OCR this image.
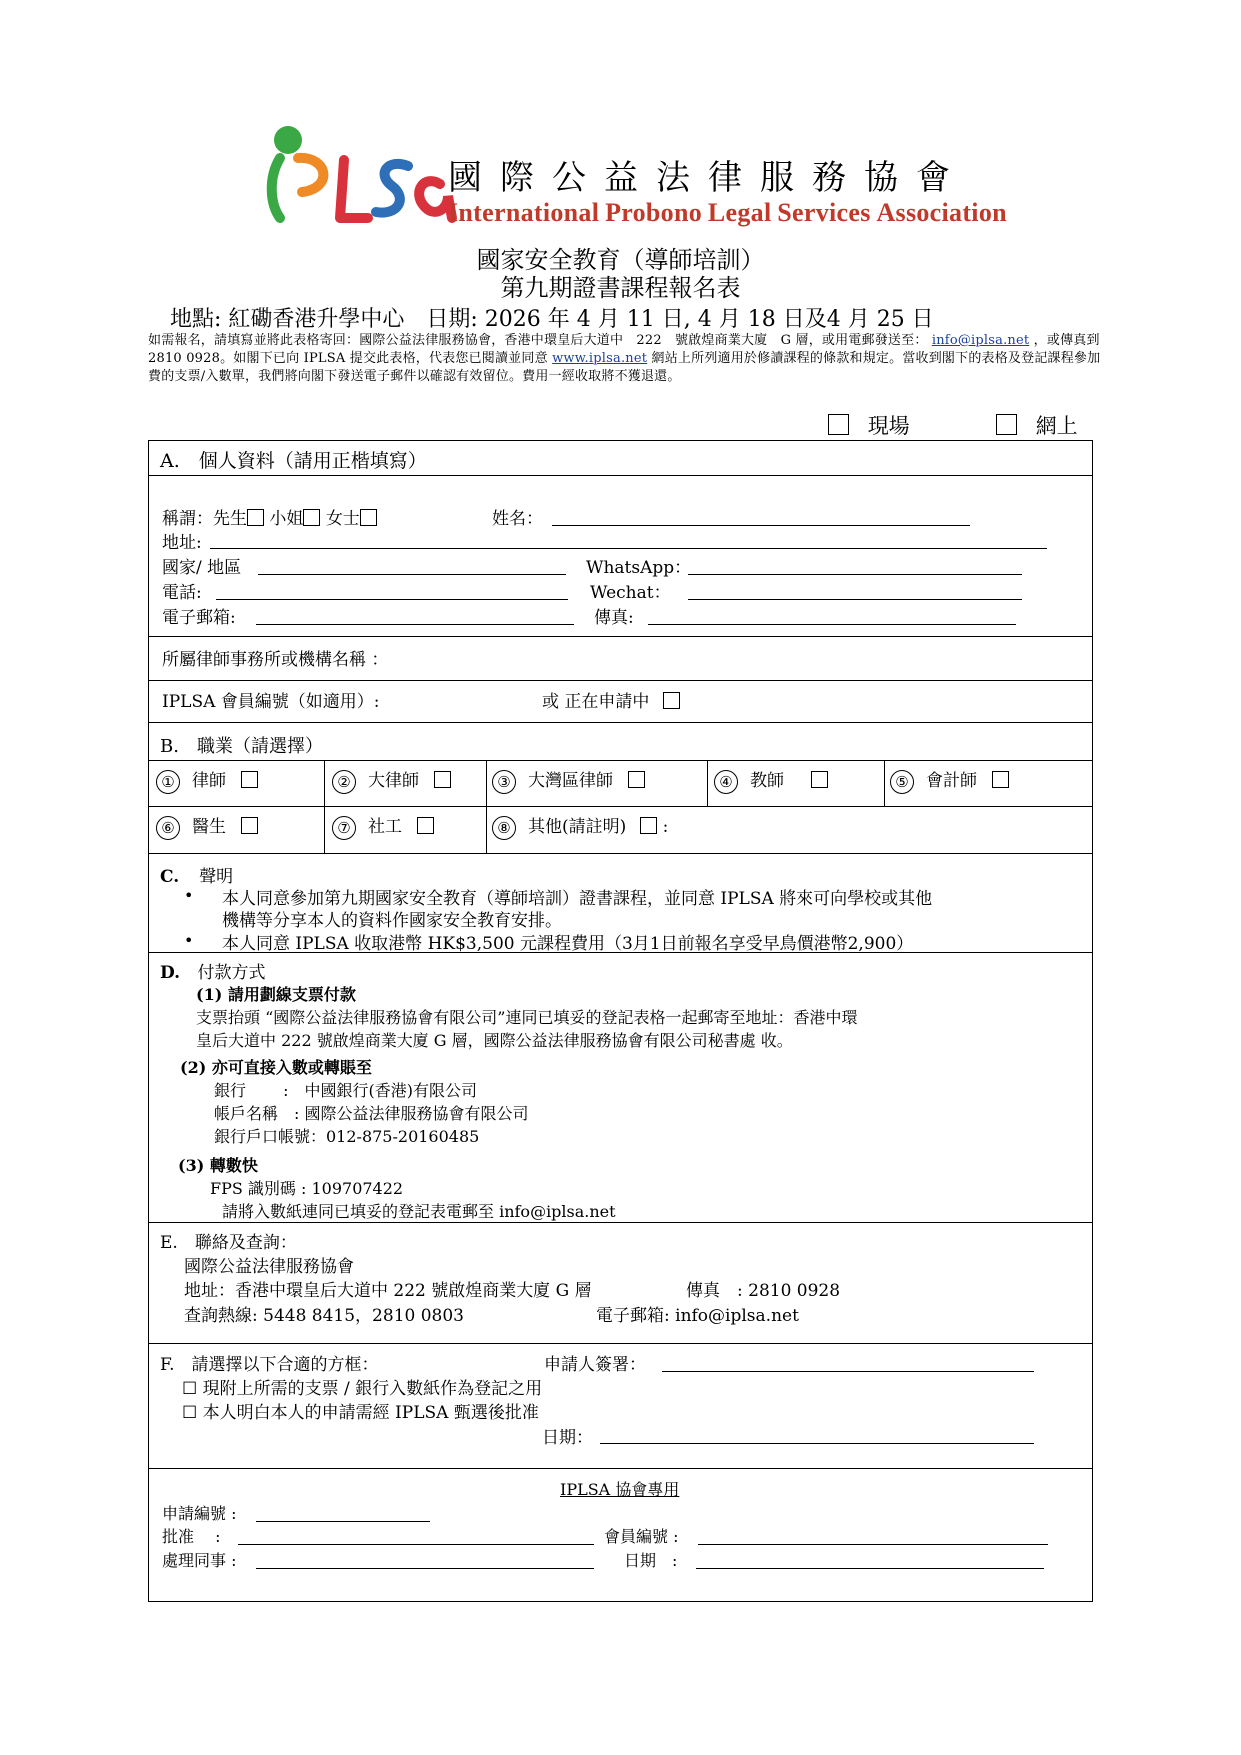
IPLSA
國際公益法律服務協會
International Probono Legal Services Association
國家安全教育（導師培訓）
第九期證書課程報名表
地點: 紅磡香港升學中心　日期: 2026 年 4 月 11 日, 4 月 18 日及4 月 25 日
如需報名，請填寫並將此表格寄回：國際公益法律服務協會，香港中環皇后大道中　222　號啟煌商業大廈　G 層，或用電郵發送至： info@iplsa.net ，或傳真到 2810 0928。如閣下已向 IPLSA 提交此表格，代表您已閱讀並同意 www.iplsa.net 網站上所列適用於修讀課程的條款和規定。當收到閣下的表格及登記課程參加費的支票/入數單，我們將向閣下發送電子郵件以確認有效留位。費用一經收取將不獲退還。
現場	網上
A.　個人資料（請用正楷填寫）
稱謂：先生 小姐 女士	姓名：
地址:
國家/ 地區	WhatsApp：
電話:	Wechat：
電子郵箱:	傳真:
所屬律師事務所或機構名稱 ：
IPLSA 會員編號（如適用）:	或 正在申請中
B.　職業（請選擇）
① 律師	② 大律師	③ 大灣區律師	④ 教師	⑤ 會計師
⑥ 醫生	⑦ 社工	⑧ 其他(請註明) :
C. 聲明
• 本人同意參加第九期國家安全教育（導師培訓）證書課程，並同意 IPLSA 將來可向學校或其他
機構等分享本人的資料作國家安全教育安排。
• 本人同意 IPLSA 收取港幣 HK$3,500 元課程費用（3月1日前報名享受早鳥價港幣2,900）
D. 付款方式
(1) 請用劃線支票付款
支票抬頭 “國際公益法律服務協會有限公司”連同已填妥的登記表格一起郵寄至地址：香港中環
皇后大道中 222 號啟煌商業大廈 G 層，國際公益法律服務協會有限公司秘書處 收。
(2) 亦可直接入數或轉賬至
銀行　　 :　中國銀行(香港)有限公司
帳戶名稱　: 國際公益法律服務協會有限公司
銀行戶口帳號：012-875-20160485
(3) 轉數快
FPS 識別碼 : 109707422
請將入數紙連同已填妥的登記表電郵至 info@iplsa.net
E.　聯絡及查詢：
國際公益法律服務協會
地址：香港中環皇后大道中 222 號啟煌商業大廈 G 層	傳真　: 2810 0928
查詢熱線: 5448 8415，2810 0803	電子郵箱: info@iplsa.net
F.　請選擇以下合適的方框：	申請人簽署：
☐ 現附上所需的支票 / 銀行入數紙作為登記之用
☐ 本人明白本人的申請需經 IPLSA 甄選後批准
日期：
IPLSA 協會專用
申請編號 :
批准　 :	會員編號 :
處理同事 :	日期　:
